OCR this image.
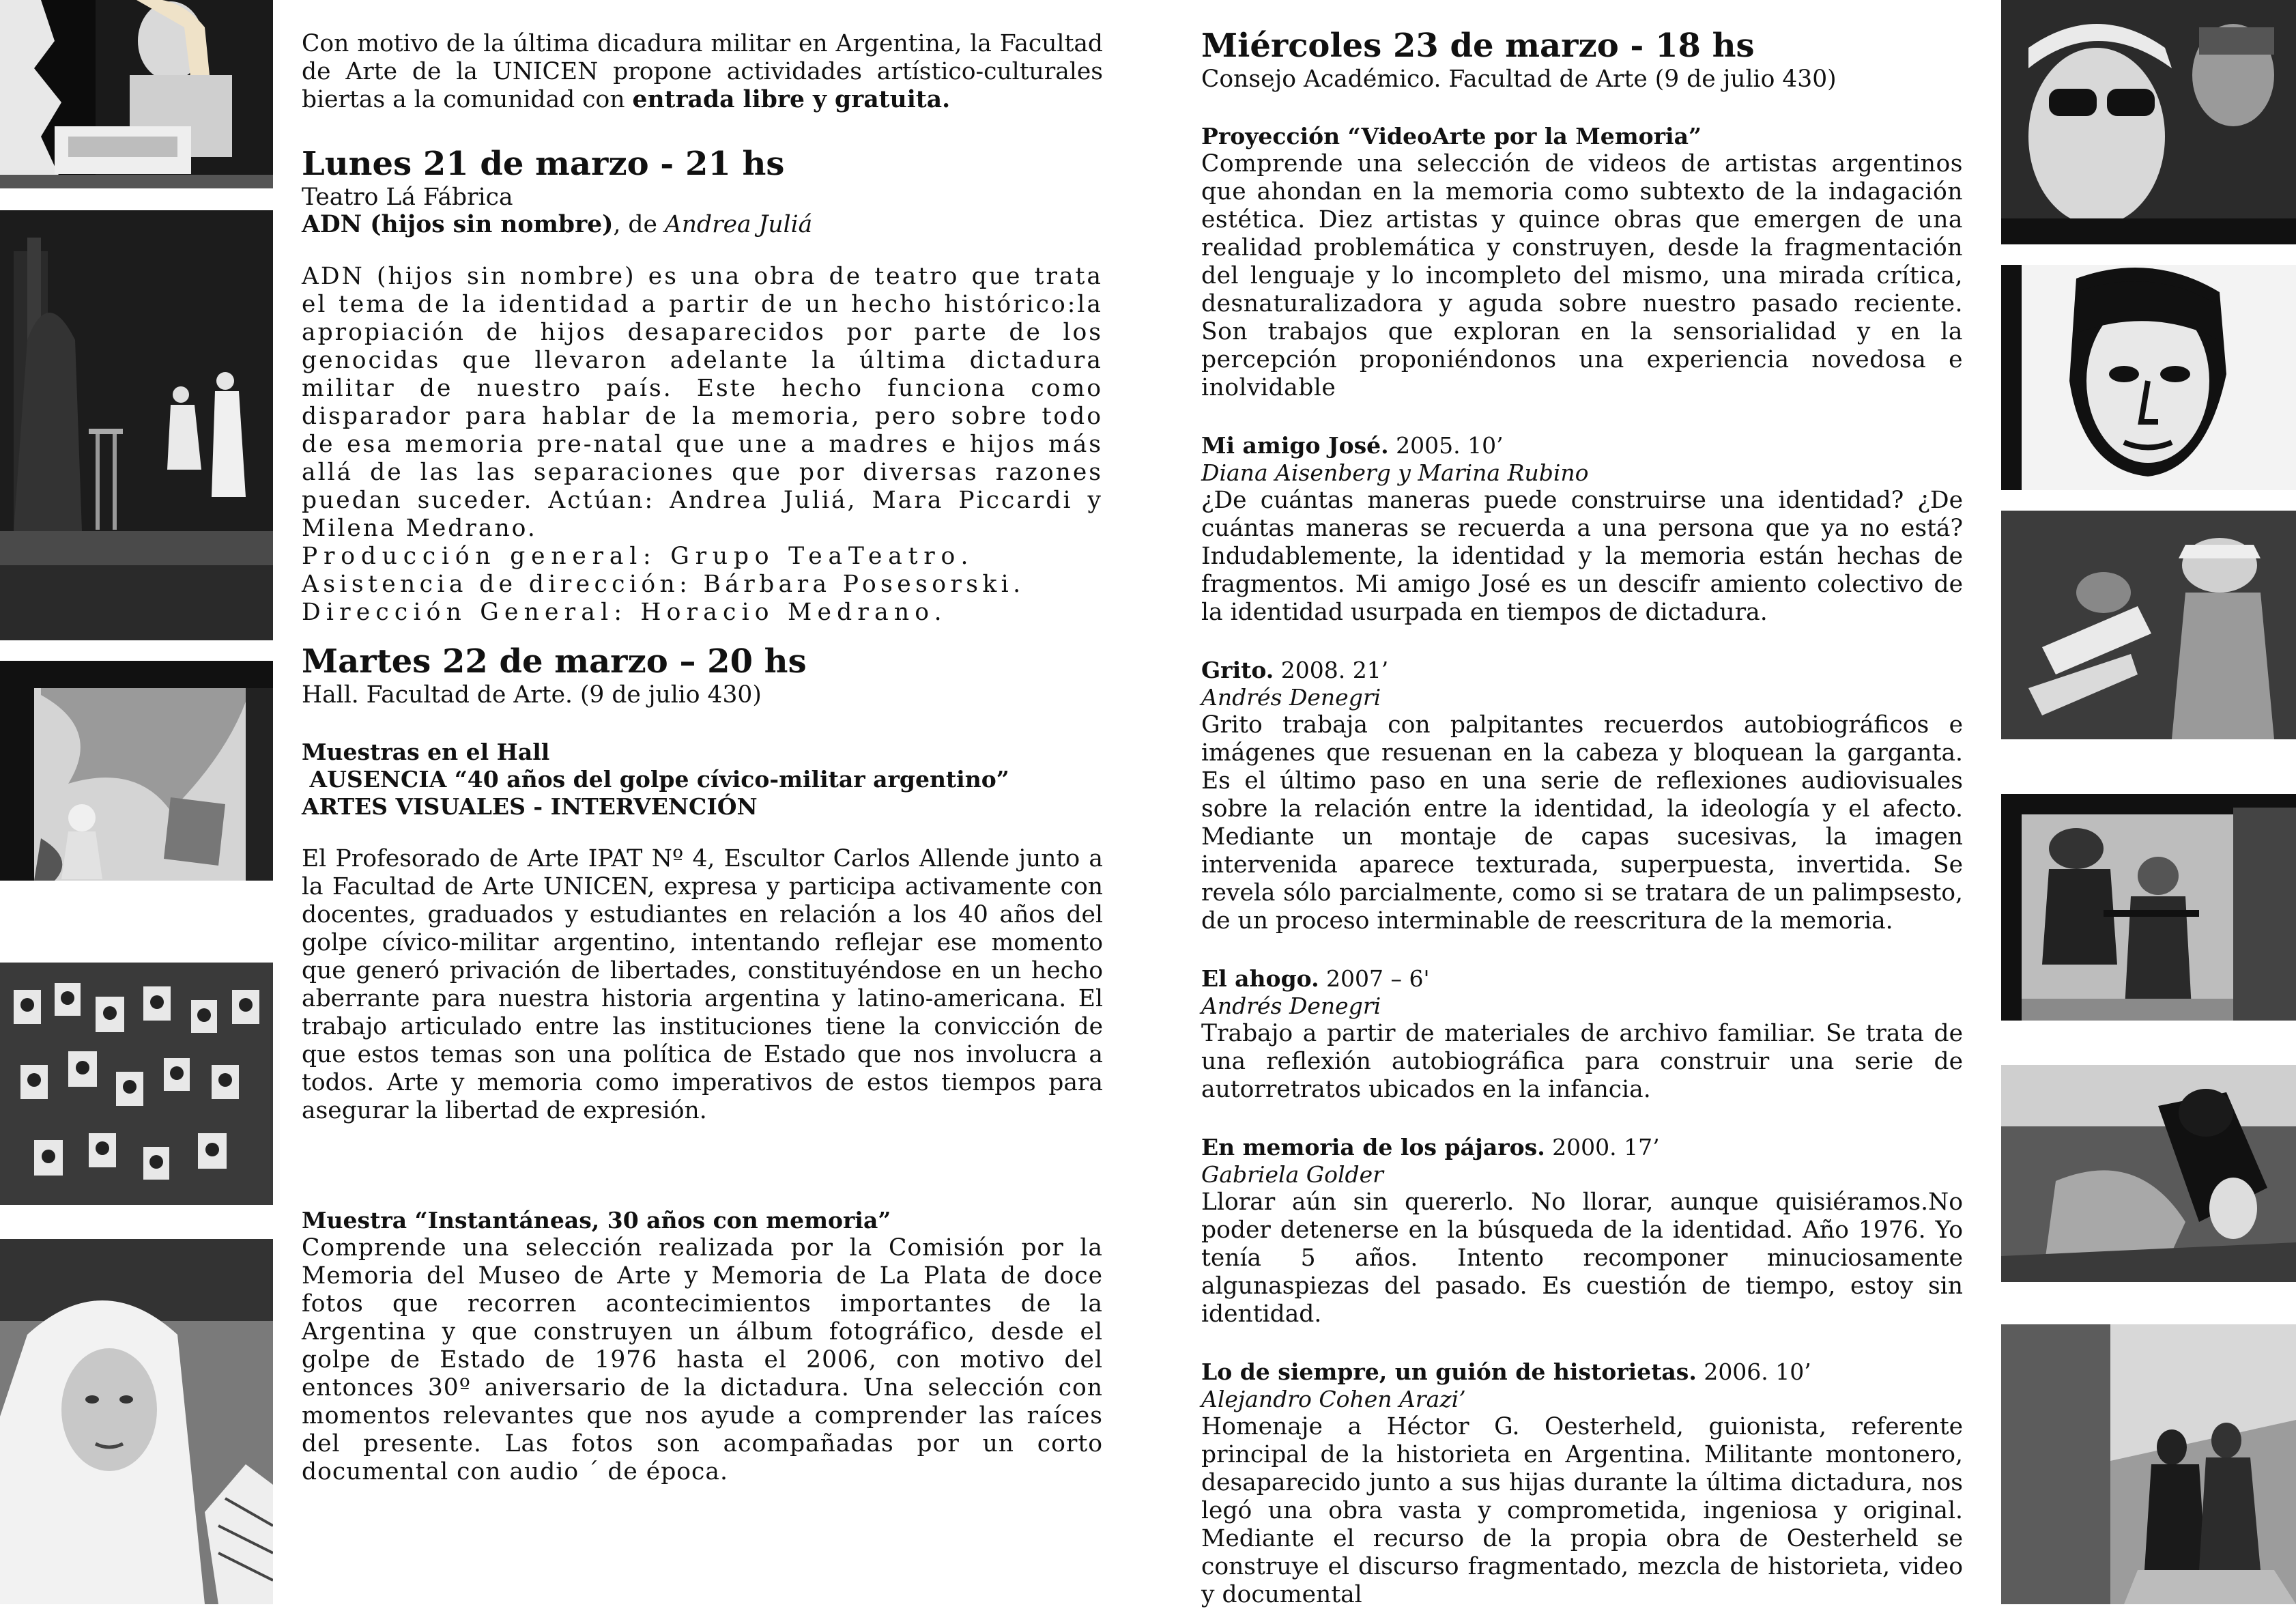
Con motivo de la última dicadura militar en Argentina, la Facultad de Arte de la UNICEN propone actividades artístico-culturales biertas a la comunidad con entrada libre y gratuita.

Lunes 21 de marzo - 21 hs
Teatro Lá Fábrica
ADN (hijos sin nombre), de Andrea Juliá

ADN (hijos sin nombre) es una obra de teatro que trata el tema de la identidad a partir de un hecho histórico:la apropiación de hijos desaparecidos por parte de los genocidas que llevaron adelante la última dictadura militar de nuestro país. Este hecho funciona como disparador para hablar de la memoria, pero sobre todo de esa memoria pre-natal que une a madres e hijos más allá de las las separaciones que por diversas razones puedan suceder. Actúan: Andrea Juliá, Mara Piccardi y Milena Medrano.

Producción general: Grupo TeaTeatro.

Asistencia de dirección: Bárbara Posesorski.

Dirección General: Horacio Medrano.

Martes 22 de marzo – 20 hs
Hall. Facultad de Arte. (9 de julio 430)
Muestras en el Hall
AUSENCIA “40 años del golpe cívico-militar argentino”
ARTES VISUALES - INTERVENCIÓN

El Profesorado de Arte IPAT Nº 4, Escultor Carlos Allende junto a la Facultad de Arte UNICEN, expresa y participa activamente con docentes, graduados y estudiantes en relación a los 40 años del golpe cívico-militar argentino, intentando reflejar ese momento que generó privación de libertades, constituyéndose en un hecho aberrante para nuestra historia argentina y latino-americana. El trabajo articulado entre las instituciones tiene la convicción de que estos temas son una política de Estado que nos involucra a todos. Arte y memoria como imperativos de estos tiempos para asegurar la libertad de expresión.

Muestra “Instantáneas, 30 años con memoria”

Comprende una selección realizada por la Comisión por la Memoria del Museo de Arte y Memoria de La Plata de doce fotos que recorren acontecimientos importantes de la Argentina y que construyen un álbum fotográfico, desde el golpe de Estado de 1976 hasta el 2006, con motivo del entonces 30º aniversario de la dictadura. Una selección con momentos relevantes que nos ayude a comprender las raíces del presente. Las fotos son acompañadas por un corto documental con audio ´ de época.

Miércoles 23 de marzo - 18 hs
Consejo Académico. Facultad de Arte (9 de julio 430)
Proyección “VideoArte por la Memoria”

Comprende una selección de videos de artistas argentinos que ahondan en la memoria como subtexto de la indagación estética. Diez artistas y quince obras que emergen de una realidad problemática y construyen, desde la fragmentación del lenguaje y lo incompleto del mismo, una mirada crítica, desnaturalizadora y aguda sobre nuestro pasado reciente. Son trabajos que exploran en la sensorialidad y en la percepción proponiéndonos una experiencia novedosa e inolvidable

Mi amigo José. 2005. 10’
Diana Aisenberg y Marina Rubino

¿De cuántas maneras puede construirse una identidad? ¿De cuántas maneras se recuerda a una persona que ya no está? Indudablemente, la identidad y la memoria están hechas de fragmentos. Mi amigo José es un descifr amiento colectivo de la identidad usurpada en tiempos de dictadura.

Grito. 2008. 21’
Andrés Denegri

Grito trabaja con palpitantes recuerdos autobiográficos e imágenes que resuenan en la cabeza y bloquean la garganta. Es el último paso en una serie de reflexiones audiovisuales sobre la relación entre la identidad, la ideología y el afecto. Mediante un montaje de capas sucesivas, la imagen intervenida aparece texturada, superpuesta, invertida. Se revela sólo parcialmente, como si se tratara de un palimpsesto, de un proceso interminable de reescritura de la memoria.

El ahogo. 2007 – 6'
Andrés Denegri

Trabajo a partir de materiales de archivo familiar. Se trata de una reflexión autobiográfica para construir una serie de autorretratos ubicados en la infancia.

En memoria de los pájaros. 2000. 17’
Gabriela Golder

Llorar aún sin quererlo. No llorar, aunque quisiéramos.No poder detenerse en la búsqueda de la identidad. Año 1976. Yo tenía 5 años. Intento recomponer minuciosamente algunaspiezas del pasado. Es cuestión de tiempo, estoy sin identidad.

Lo de siempre, un guión de historietas. 2006. 10’
Alejandro Cohen Arazi’

Homenaje a Héctor G. Oesterheld, guionista, referente principal de la historieta en Argentina. Militante montonero, desaparecido junto a sus hijas durante la última dictadura, nos legó una obra vasta y comprometida, ingeniosa y original. Mediante el recurso de la propia obra de Oesterheld se construye el discurso fragmentado, mezcla de historieta, video y documental
